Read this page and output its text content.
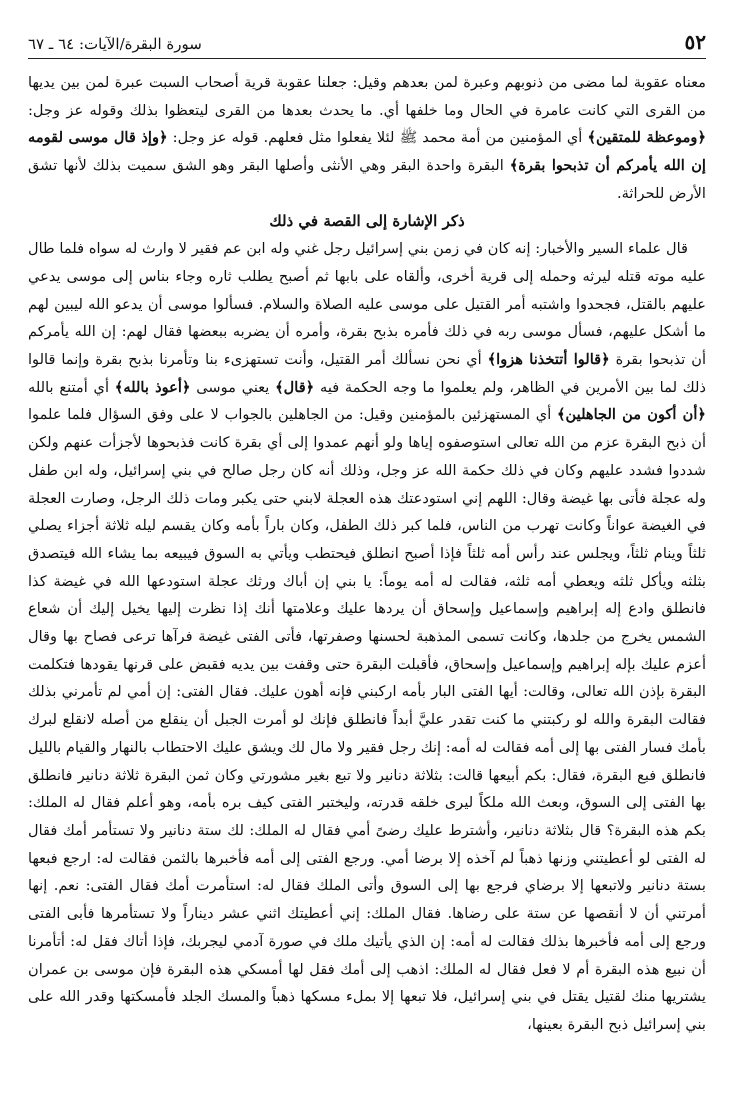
٥٢
سورة البقرة/الآيات: ٦٤ ـ ٦٧

معناه عقوبة لما مضى من ذنوبهم وعبرة لمن بعدهم وقيل: جعلنا عقوبة قرية أصحاب السبت عبرة لمن بين يديها من القرى التي كانت عامرة في الحال وما خلفها أي. ما يحدث بعدها من القرى ليتعظوا بذلك وقوله عز وجل: ﴿وموعظة للمتقين﴾ أي المؤمنين من أمة محمد ﷺ لئلا يفعلوا مثل فعلهم. قوله عز وجل: ﴿وإذ قال موسى لقومه إن الله يأمركم أن تذبحوا بقرة﴾ البقرة واحدة البقر وهي الأنثى وأصلها البقر وهو الشق سميت بذلك لأنها تشق الأرض للحراثة.

ذكر الإشارة إلى القصة في ذلك

قال علماء السير والأخبار: إنه كان في زمن بني إسرائيل رجل غني وله ابن عم فقير لا وارث له سواه فلما طال عليه موته قتله ليرثه وحمله إلى قرية أخرى، وألقاه على بابها ثم أصبح يطلب ثاره وجاء بناس إلى موسى يدعي عليهم بالقتل، فجحدوا واشتبه أمر القتيل على موسى عليه الصلاة والسلام. فسألوا موسى أن يدعو الله ليبين لهم ما أشكل عليهم، فسأل موسى ربه في ذلك فأمره بذبح بقرة، وأمره أن يضربه ببعضها فقال لهم: إن الله يأمركم أن تذبحوا بقرة ﴿قالوا أتتخذنا هزوا﴾ أي نحن نسألك أمر القتيل، وأنت تستهزىء بنا وتأمرنا بذبح بقرة وإنما قالوا ذلك لما بين الأمرين في الظاهر، ولم يعلموا ما وجه الحكمة فيه ﴿قال﴾ يعني موسى ﴿أعوذ بالله﴾ أي أمتنع بالله ﴿أن أكون من الجاهلين﴾ أي المستهزئين بالمؤمنين وقيل: من الجاهلين بالجواب لا على وفق السؤال فلما علموا أن ذبح البقرة عزم من الله تعالى استوصفوه إياها ولو أنهم عمدوا إلى أي بقرة كانت فذبحوها لأجزأت عنهم ولكن شددوا فشدد عليهم وكان في ذلك حكمة الله عز وجل، وذلك أنه كان رجل صالح في بني إسرائيل، وله ابن طفل وله عجلة فأتى بها غيضة وقال: اللهم إني استودعتك هذه العجلة لابني حتى يكبر ومات ذلك الرجل، وصارت العجلة في الغيضة عواناً وكانت تهرب من الناس، فلما كبر ذلك الطفل، وكان باراً بأمه وكان يقسم ليله ثلاثة أجزاء يصلي ثلثاً وينام ثلثاً، ويجلس عند رأس أمه ثلثاً فإذا أصبح انطلق فيحتطب ويأتي به السوق فيبيعه بما يشاء الله فيتصدق بثلثه ويأكل ثلثه ويعطي أمه ثلثه، فقالت له أمه يوماً: يا بني إن أباك ورثك عجلة استودعها الله في غيضة كذا فانطلق وادع إله إبراهيم وإسماعيل وإسحاق أن يردها عليك وعلامتها أنك إذا نظرت إليها يخيل إليك أن شعاع الشمس يخرج من جلدها، وكانت تسمى المذهبة لحسنها وصفرتها، فأتى الفتى غيضة فرآها ترعى فصاح بها وقال أعزم عليك بإله إبراهيم وإسماعيل وإسحاق، فأقبلت البقرة حتى وقفت بين يديه فقبض على قرنها يقودها فتكلمت البقرة بإذن الله تعالى، وقالت: أيها الفتى البار بأمه اركبني فإنه أهون عليك. فقال الفتى: إن أمي لم تأمرني بذلك فقالت البقرة والله لو ركبتني ما كنت تقدر عليَّ أبداً فانطلق فإنك لو أمرت الجبل أن ينقلع من أصله لانقلع لبرك بأمك فسار الفتى بها إلى أمه فقالت له أمه: إنك رجل فقير ولا مال لك ويشق عليك الاحتطاب بالنهار والقيام بالليل فانطلق فبع البقرة، فقال: بكم أبيعها قالت: بثلاثة دنانير ولا تبع بغير مشورتي وكان ثمن البقرة ثلاثة دنانير فانطلق بها الفتى إلى السوق، وبعث الله ملكاً ليرى خلقه قدرته، وليختبر الفتى كيف بره بأمه، وهو أعلم فقال له الملك: بكم هذه البقرة؟ قال بثلاثة دنانير، وأشترط عليك رضىً أمي فقال له الملك: لك ستة دنانير ولا تستأمر أمك فقال له الفتى لو أعطيتني وزنها ذهباً لم آخذه إلا برضا أمي. ورجع الفتى إلى أمه فأخبرها بالثمن فقالت له: ارجع فبعها بستة دنانير ولاتبعها إلا برضاي فرجع بها إلى السوق وأتى الملك فقال له: استأمرت أمك فقال الفتى: نعم. إنها أمرتني أن لا أنقصها عن ستة على رضاها. فقال الملك: إني أعطيتك اثني عشر ديناراً ولا تستأمرها فأبى الفتى ورجع إلى أمه فأخبرها بذلك فقالت له أمه: إن الذي يأتيك ملك في صورة آدمي ليجربك، فإذا أتاك فقل له: أتأمرنا أن نبيع هذه البقرة أم لا فعل فقال له الملك: اذهب إلى أمك فقل لها أمسكي هذه البقرة فإن موسى بن عمران يشتريها منك لقتيل يقتل في بني إسرائيل، فلا تبعها إلا بملء مسكها ذهباً والمسك الجلد فأمسكتها وقدر الله على بني إسرائيل ذبح البقرة بعينها،
